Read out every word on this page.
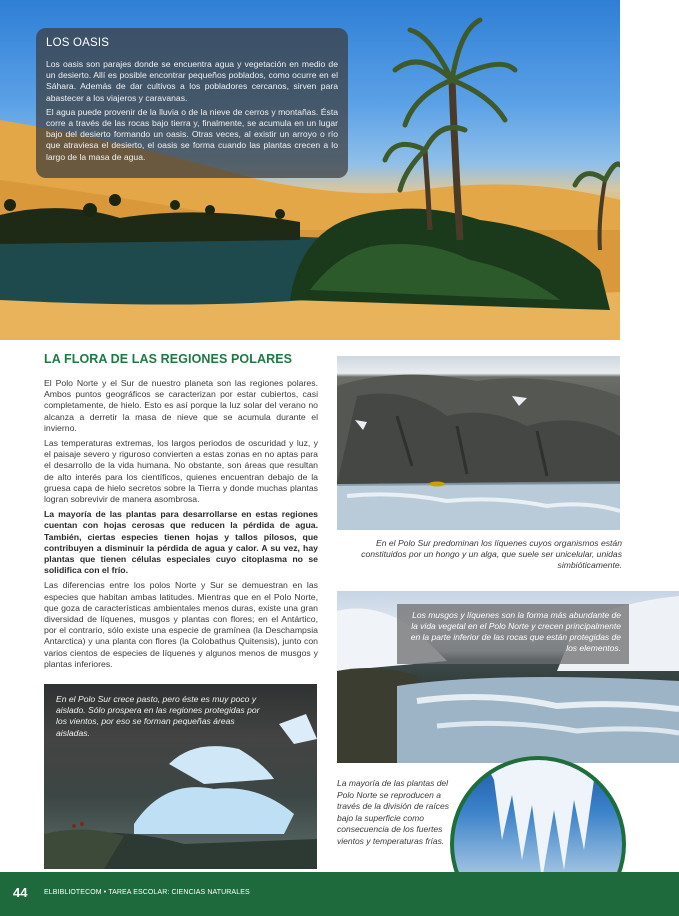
LOS OASIS

Los oasis son parajes donde se encuentra agua y vegetación en medio de un desierto. Allí es posible encontrar pequeños poblados, como ocurre en el Sáhara. Además de dar cultivos a los pobladores cercanos, sirven para abastecer a los viajeros y caravanas.

El agua puede provenir de la lluvia o de la nieve de cerros y montañas. Ésta corre a través de las rocas bajo tierra y, finalmente, se acumula en un lugar bajo del desierto formando un oasis. Otras veces, al existir un arroyo o río que atraviesa el desierto, el oasis se forma cuando las plantas crecen a lo largo de la masa de agua.

LA FLORA DE LAS REGIONES POLARES

El Polo Norte y el Sur de nuestro planeta son las regiones polares. Ambos puntos geográficos se caracterizan por estar cubiertos, casi completamente, de hielo. Esto es así porque la luz solar del verano no alcanza a derretir la masa de nieve que se acumula durante el invierno.

Las temperaturas extremas, los largos periodos de oscuridad y luz, y el paisaje severo y riguroso convierten a estas zonas en no aptas para el desarrollo de la vida humana. No obstante, son áreas que resultan de alto interés para los científicos, quienes encuentran debajo de la gruesa capa de hielo secretos sobre la Tierra y donde muchas plantas logran sobrevivir de manera asombrosa.

La mayoría de las plantas para desarrollarse en estas regiones cuentan con hojas cerosas que reducen la pérdida de agua. También, ciertas especies tienen hojas y tallos pilosos, que contribuyen a disminuir la pérdida de agua y calor. A su vez, hay plantas que tienen células especiales cuyo citoplasma no se solidifica con el frío.

Las diferencias entre los polos Norte y Sur se demuestran en las especies que habitan ambas latitudes. Mientras que en el Polo Norte, que goza de características ambientales menos duras, existe una gran diversidad de líquenes, musgos y plantas con flores; en el Antártico, por el contrario, sólo existe una especie de gramínea (la Deschampsia Antarctica) y una planta con flores (la Colobathus Quitensis), junto con varios cientos de especies de líquenes y algunos menos de musgos y plantas inferiores.

En el Polo Sur predominan los líquenes cuyos organismos están constituidos por un hongo y un alga, que suele ser unicelular, unidas simbióticamente.

Los musgos y líquenes son la forma más abundante de la vida vegetal en el Polo Norte y crecen principalmente en la parte inferior de las rocas que están protegidas de los elementos.

En el Polo Sur crece pasto, pero éste es muy poco y aislado. Sólo prospera en las regiones protegidas por los vientos, por eso se forman pequeñas áreas aisladas.

La mayoría de las plantas del Polo Norte se reproducen a través de la división de raíces bajo la superficie como consecuencia de los fuertes vientos y temperaturas frías.

44 ELBIBLIOTECOM • TAREA ESCOLAR: CIENCIAS NATURALES
